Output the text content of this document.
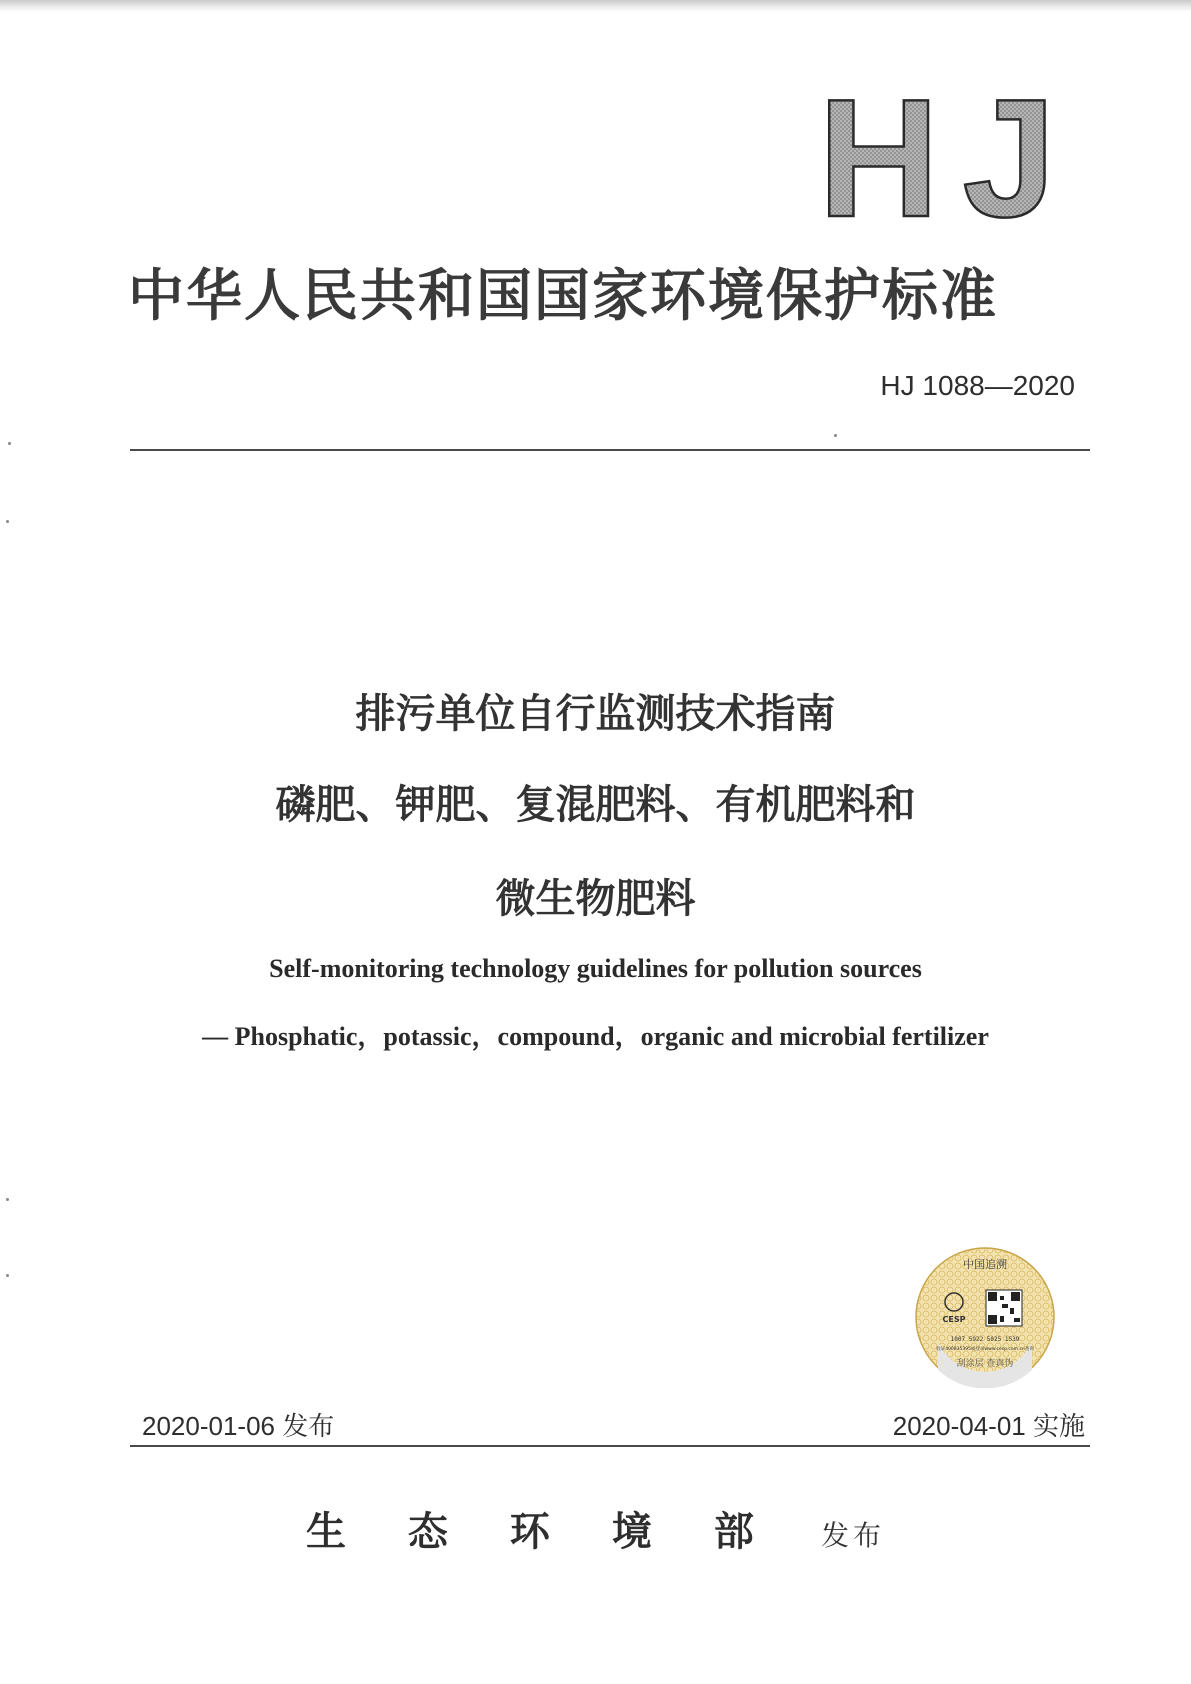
HJ
中华人民共和国国家环境保护标准
HJ 1088—2020
排污单位自行监测技术指南
磷肥、钾肥、复混肥料、有机肥料和
微生物肥料
Self-monitoring technology guidelines for pollution sources
— Phosphatic，potassic，compound，organic and microbial fertilizer
中国追溯
CESP
1007 5922 5025 1539
验证400835395或登录www.cesp.com.cn查询
刮涂层 查真伪
2020-01-06 发布	2020-04-01 实施
生态环境部 发布
